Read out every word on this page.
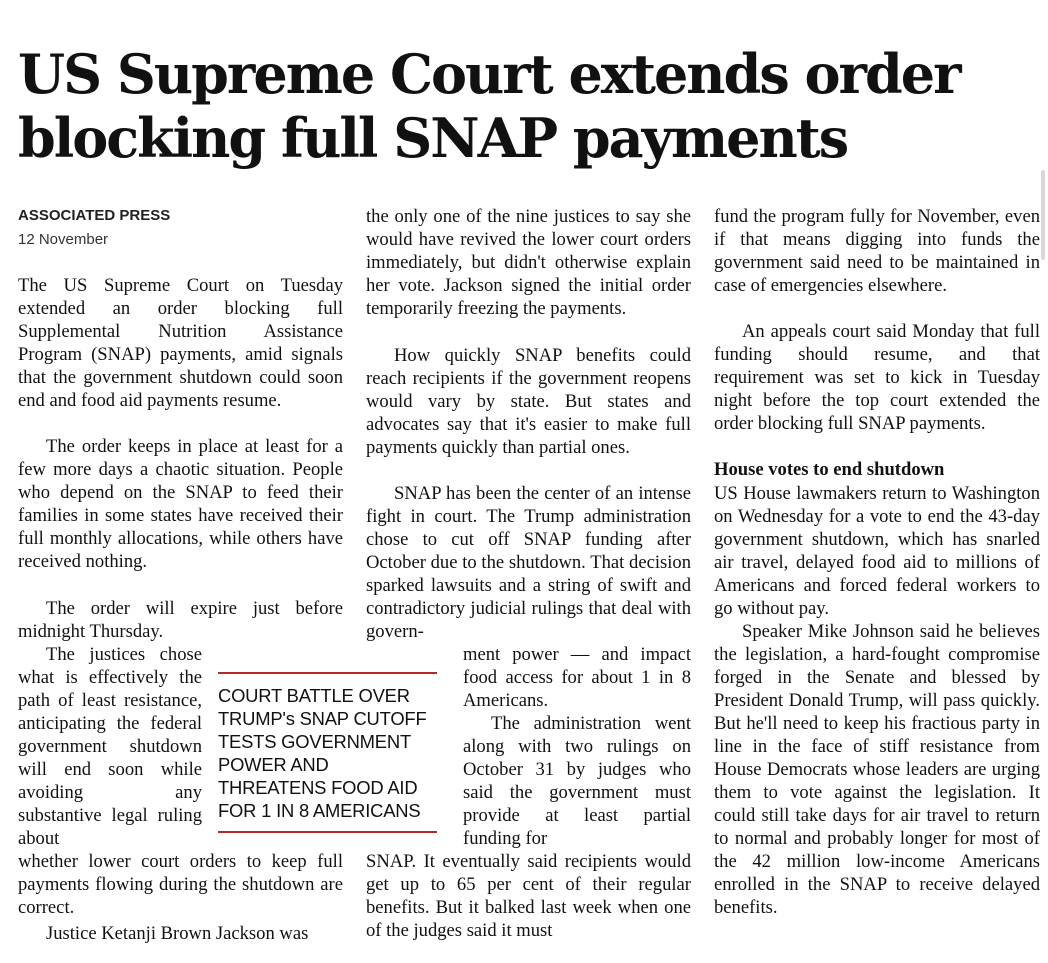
US Supreme Court extends order blocking full SNAP payments
ASSOCIATED PRESS
12 November

The US Supreme Court on Tuesday extended an order blocking full Supplemental Nutrition Assistance Program (SNAP) payments, amid signals that the government shutdown could soon end and food aid payments resume.

The order keeps in place at least for a few more days a chaotic situation. People who depend on the SNAP to feed their families in some states have received their full monthly allocations, while others have received nothing.

The order will expire just before midnight Thursday.

The justices chose what is effectively the path of least resistance, anticipating the federal government shutdown will end soon while avoiding any substantive legal ruling about

whether lower court orders to keep full payments flowing during the shutdown are correct.

Justice Ketanji Brown Jackson was

COURT BATTLE OVER TRUMP's SNAP CUTOFF TESTS GOVERNMENT POWER AND THREATENS FOOD AID FOR 1 IN 8 AMERICANS

the only one of the nine justices to say she would have revived the lower court orders immediately, but didn't otherwise explain her vote. Jackson signed the initial order temporarily freezing the payments.

How quickly SNAP benefits could reach recipients if the government reopens would vary by state. But states and advocates say that it's easier to make full payments quickly than partial ones.

SNAP has been the center of an intense fight in court. The Trump administration chose to cut off SNAP funding after October due to the shutdown. That decision sparked lawsuits and a string of swift and contradictory judicial rulings that deal with govern-

ment power — and impact food access for about 1 in 8 Americans.

The administration went along with two rulings on October 31 by judges who said the government must provide at least partial funding for

SNAP. It eventually said recipients would get up to 65 per cent of their regular benefits. But it balked last week when one of the judges said it must

fund the program fully for November, even if that means digging into funds the government said need to be maintained in case of emergencies elsewhere.

An appeals court said Monday that full funding should resume, and that requirement was set to kick in Tuesday night before the top court extended the order blocking full SNAP payments.

House votes to end shutdown

US House lawmakers return to Washington on Wednesday for a vote to end the 43-day government shutdown, which has snarled air travel, delayed food aid to millions of Americans and forced federal workers to go without pay.

Speaker Mike Johnson said he believes the legislation, a hard-fought compromise forged in the Senate and blessed by President Donald Trump, will pass quickly. But he'll need to keep his fractious party in line in the face of stiff resistance from House Democrats whose leaders are urging them to vote against the legislation. It could still take days for air travel to return to normal and probably longer for most of the 42 million low-income Americans enrolled in the SNAP to receive delayed benefits.
